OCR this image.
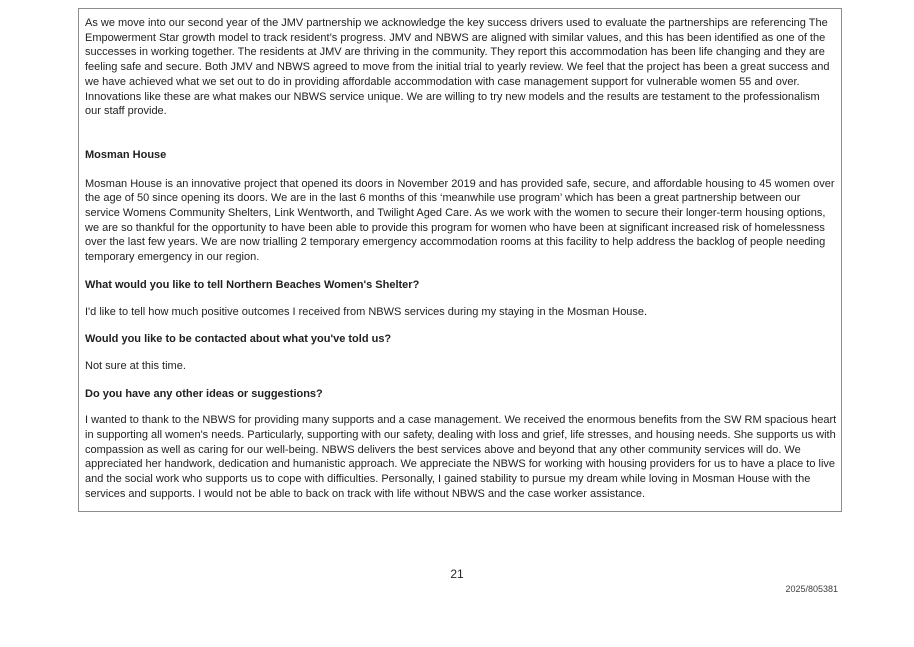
As we move into our second year of the JMV partnership we acknowledge the key success drivers used to evaluate the partnerships are referencing The Empowerment Star growth model to track resident’s progress. JMV and NBWS are aligned with similar values, and this has been identified as one of the successes in working together. The residents at JMV are thriving in the community. They report this accommodation has been life changing and they are feeling safe and secure. Both JMV and NBWS agreed to move from the initial trial to yearly review. We feel that the project has been a great success and we have achieved what we set out to do in providing affordable accommodation with case management support for vulnerable women 55 and over. Innovations like these are what makes our NBWS service unique. We are willing to try new models and the results are testament to the professionalism our staff provide.

Mosman House

Mosman House is an innovative project that opened its doors in November 2019 and has provided safe, secure, and affordable housing to 45 women over the age of 50 since opening its doors. We are in the last 6 months of this ‘meanwhile use program’ which has been a great partnership between our service Womens Community Shelters, Link Wentworth, and Twilight Aged Care. As we work with the women to secure their longer-term housing options, we are so thankful for the opportunity to have been able to provide this program for women who have been at significant increased risk of homelessness over the last few years. We are now trialling 2 temporary emergency accommodation rooms at this facility to help address the backlog of people needing temporary emergency in our region.

What would you like to tell Northern Beaches Women's Shelter?

I'd like to tell how much positive outcomes I received from NBWS services during my staying in the Mosman House.

Would you like to be contacted about what you've told us?

Not sure at this time.

Do you have any other ideas or suggestions?

I wanted to thank to the NBWS for providing many supports and a case management. We received the enormous benefits from the SW RM spacious heart in supporting all women's needs. Particularly, supporting with our safety, dealing with loss and grief, life stresses, and housing needs. She supports us with compassion as well as caring for our well-being. NBWS delivers the best services above and beyond that any other community services will do. We appreciated her handwork, dedication and humanistic approach. We appreciate the NBWS for working with housing providers for us to have a place to live and the social work who supports us to cope with difficulties. Personally, I gained stability to pursue my dream while loving in Mosman House with the services and supports. I would not be able to back on track with life without NBWS and the case worker assistance.

21
2025/805381
